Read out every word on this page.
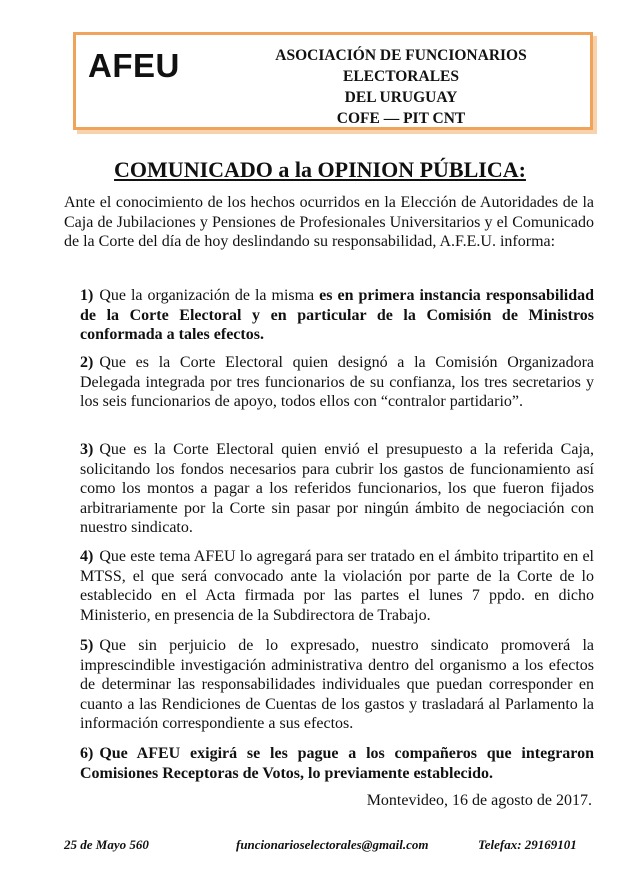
AFEU	ASOCIACIÓN DE FUNCIONARIOS ELECTORALES
DEL URUGUAY
COFE — PIT CNT
COMUNICADO a la OPINION PÚBLICA:
Ante el conocimiento de los hechos ocurridos en la Elección de Autoridades de la Caja de Jubilaciones y Pensiones de Profesionales Universitarios y el Comunicado de la Corte del día de hoy deslindando su responsabilidad, A.F.E.U. informa:
1) Que la organización de la misma es en primera instancia responsabilidad de la Corte Electoral y en particular de la Comisión de Ministros conformada a tales efectos.
2) Que es la Corte Electoral quien designó a la Comisión Organizadora Delegada integrada por tres funcionarios de su confianza, los tres secretarios y los seis funcionarios de apoyo, todos ellos con “contralor partidario”.
3) Que es la Corte Electoral quien envió el presupuesto a la referida Caja, solicitando los fondos necesarios para cubrir los gastos de funcionamiento así como los montos a pagar a los referidos funcionarios, los que fueron fijados arbitrariamente por la Corte sin pasar por ningún ámbito de negociación con nuestro sindicato.
4) Que este tema AFEU lo agregará para ser tratado en el ámbito tripartito en el MTSS, el que será convocado ante la violación por parte de la Corte de lo establecido en el Acta firmada por las partes el lunes 7 ppdo. en dicho Ministerio, en presencia de la Subdirectora de Trabajo.
5) Que sin perjuicio de lo expresado, nuestro sindicato promoverá la imprescindible investigación administrativa dentro del organismo a los efectos de determinar las responsabilidades individuales que puedan corresponder en cuanto a las Rendiciones de Cuentas de los gastos y trasladará al Parlamento la información correspondiente a sus efectos.
6) Que AFEU exigirá se les pague a los compañeros que integraron Comisiones Receptoras de Votos, lo previamente establecido.
Montevideo, 16 de agosto de 2017.
25 de Mayo 560	funcionarioselectorales@gmail.com	Telefax: 29169101
